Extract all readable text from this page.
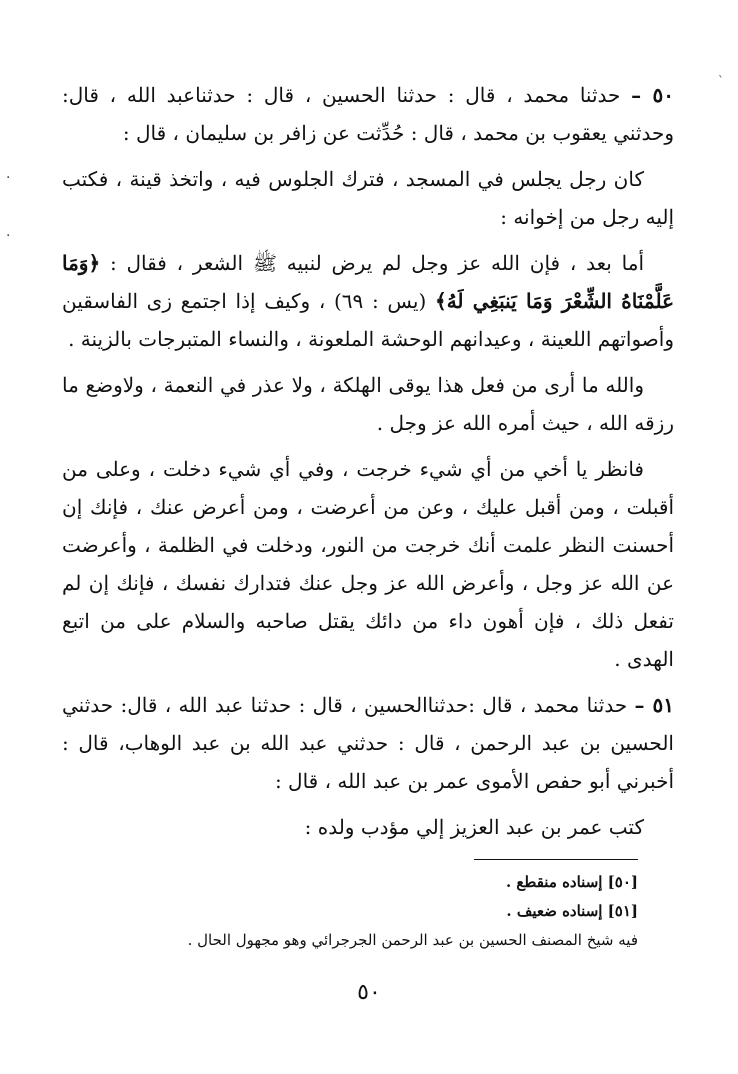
٥٠ – حدثنا محمد ، قال : حدثنا الحسين ، قال : حدثناعبد الله ، قال: وحدثني يعقوب بن محمد ، قال : حُدِّثت عن زافر بن سليمان ، قال :

كان رجل يجلس في المسجد ، فترك الجلوس فيه ، واتخذ قينة ، فكتب إليه رجل من إخوانه :

أما بعد ، فإن الله عز وجل لم يرض لنبيه ﷺ الشعر ، فقال : ﴿وَمَا عَلَّمْنَاهُ الشِّعْرَ وَمَا يَنبَغِي لَهُ﴾ (يس : ٦٩) ، وكيف إذا اجتمع زى الفاسقين وأصواتهم اللعينة ، وعيدانهم الوحشة الملعونة ، والنساء المتبرجات بالزينة .

والله ما أرى من فعل هذا يوقى الهلكة ، ولا عذر في النعمة ، ولاوضع ما رزقه الله ، حيث أمره الله عز وجل .

فانظر يا أخي من أي شيء خرجت ، وفي أي شيء دخلت ، وعلى من أقبلت ، ومن أقبل عليك ، وعن من أعرضت ، ومن أعرض عنك ، فإنك إن أحسنت النظر علمت أنك خرجت من النور، ودخلت في الظلمة ، وأعرضت عن الله عز وجل ، وأعرض الله عز وجل عنك فتدارك نفسك ، فإنك إن لم تفعل ذلك ، فإن أهون داء من دائك يقتل صاحبه والسلام على من اتبع الهدى .

٥١ – حدثنا محمد ، قال :حدثناالحسين ، قال : حدثنا عبد الله ، قال: حدثني الحسين بن عبد الرحمن ، قال : حدثني عبد الله بن عبد الوهاب، قال : أخبرني أبو حفص الأموى عمر بن عبد الله ، قال :

كتب عمر بن عبد العزيز إلي مؤدب ولده :

[٥٠] إسناده منقطع .

[٥١] إسناده ضعيف .

فيه شيخ المصنف الحسين بن عبد الرحمن الجرجرائي وهو مجهول الحال .

٥٠
·
·
ˋ
